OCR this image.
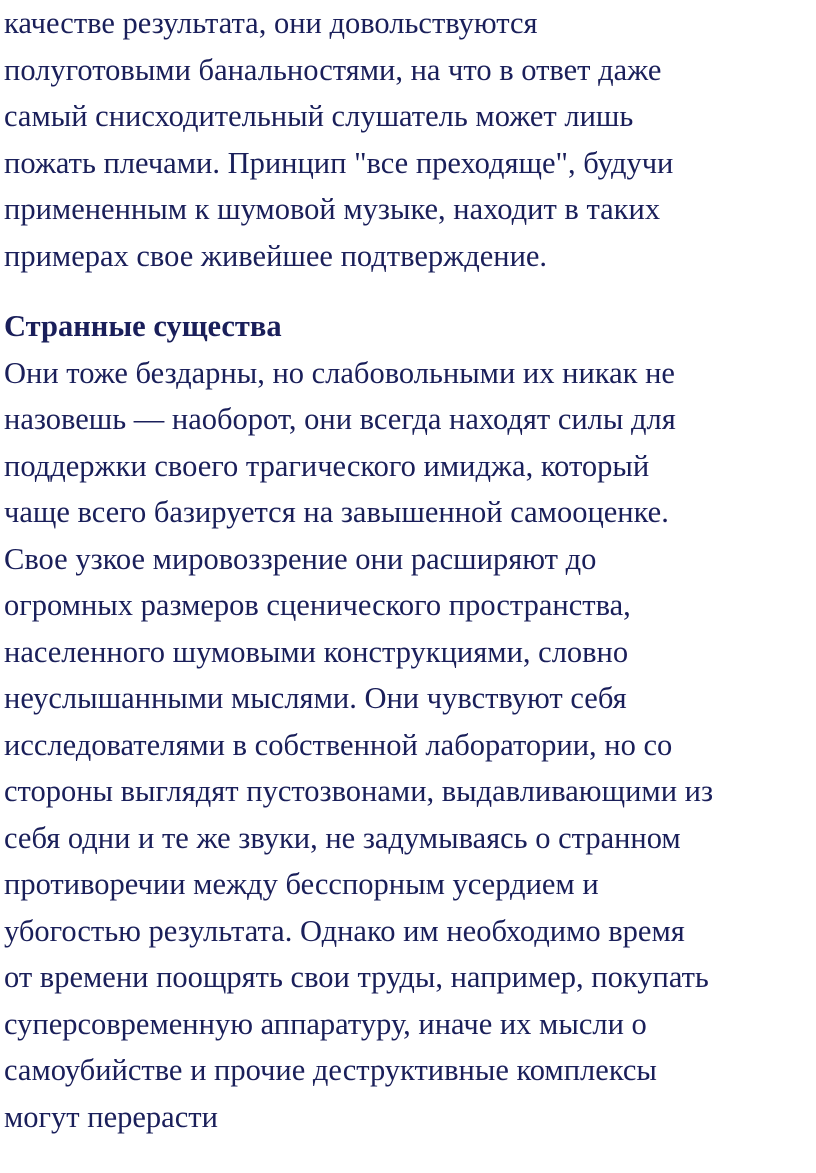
качестве результата, они довольствуются
полуготовыми банальностями, на что в ответ даже
самый снисходительный слушатель может лишь
пожать плечами. Принцип "все преходяще", будучи
примененным к шумовой музыке, находит в таких
примерах свое живейшее подтверждение.

Странные существа

Они тоже бездарны, но слабовольными их никак не
назовешь — наоборот, они всегда находят силы для
поддержки своего трагического имиджа, который
чаще всего базируется на завышенной самооценке.
Свое узкое мировоззрение они расширяют до
огромных размеров сценического пространства,
населенного шумовыми конструкциями, словно
неуслышанными мыслями. Они чувствуют себя
исследователями в собственной лаборатории, но со
стороны выглядят пустозвонами, выдавливающими из
себя одни и те же звуки, не задумываясь о странном
противоречии между бесспорным усердием и
убогостью результата. Однако им необходимо время
от времени поощрять свои труды, например, покупать
суперсовременную аппаратуру, иначе их мысли о
самоубийстве и прочие деструктивные комплексы
могут перерасти
